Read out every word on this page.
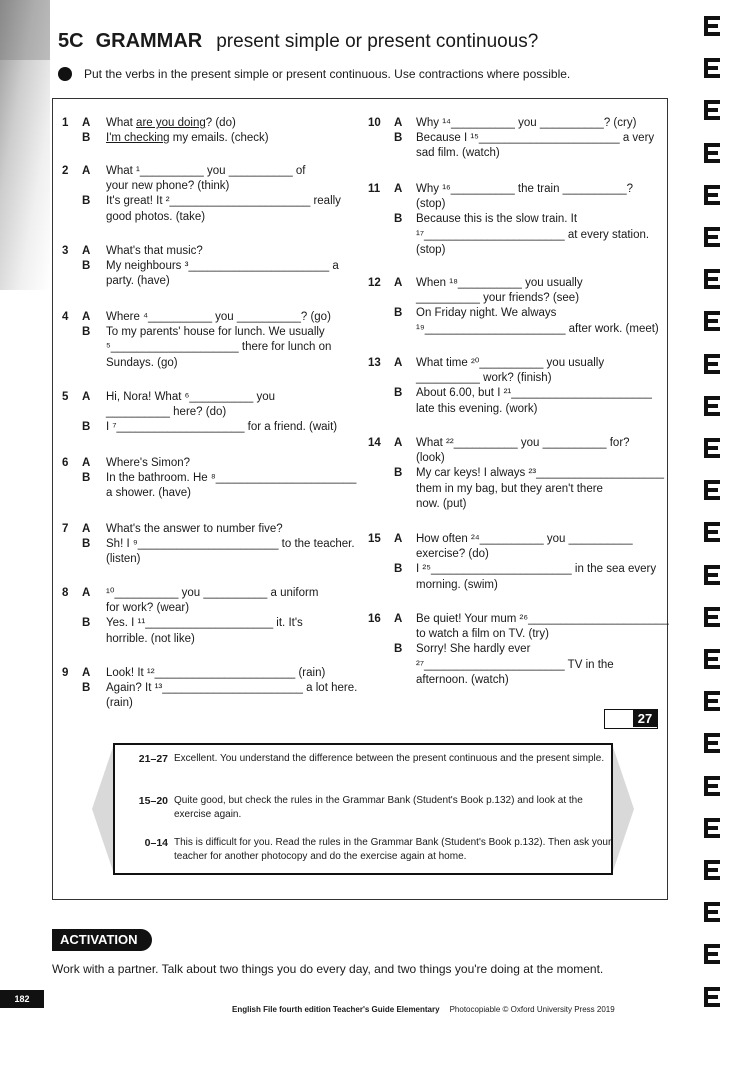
5C GRAMMAR present simple or present continuous?
Put the verbs in the present simple or present continuous. Use contractions where possible.
1 A What are you doing? (do)
B I'm checking my emails. (check)
2 A What ¹__________ you __________ of
your new phone? (think)
B It's great! It ²______________________ really
good photos. (take)
3 A What's that music?
B My neighbours ³______________________ a
party. (have)
4 A Where ⁴__________ you __________? (go)
B To my parents' house for lunch. We usually
⁵____________________ there for lunch on
Sundays. (go)
5 A Hi, Nora! What ⁶__________ you
__________ here? (do)
B I ⁷____________________ for a friend. (wait)
6 A Where's Simon?
B In the bathroom. He ⁸______________________
a shower. (have)
7 A What's the answer to number five?
B Sh! I ⁹______________________ to the teacher.
(listen)
8 A ¹⁰__________ you __________ a uniform
for work? (wear)
B Yes. I ¹¹____________________ it. It's
horrible. (not like)
9 A Look! It ¹²______________________ (rain)
B Again? It ¹³______________________ a lot here.
(rain)
10 A Why ¹⁴__________ you __________? (cry)
B Because I ¹⁵______________________ a very
sad film. (watch)
11 A Why ¹⁶__________ the train __________?
(stop)
B Because this is the slow train. It
¹⁷______________________ at every station.
(stop)
12 A When ¹⁸__________ you usually
__________ your friends? (see)
B On Friday night. We always
¹⁹______________________ after work. (meet)
13 A What time ²⁰__________ you usually
__________ work? (finish)
B About 6.00, but I ²¹______________________
late this evening. (work)
14 A What ²²__________ you __________ for?
(look)
B My car keys! I always ²³____________________
them in my bag, but they aren't there
now. (put)
15 A How often ²⁴__________ you __________
exercise? (do)
B I ²⁵______________________ in the sea every
morning. (swim)
16 A Be quiet! Your mum ²⁶______________________
to watch a film on TV. (try)
B Sorry! She hardly ever
²⁷______________________ TV in the
afternoon. (watch)
27
21–27 Excellent. You understand the difference between the present continuous and the present simple.
15–20 Quite good, but check the rules in the Grammar Bank (Student's Book p.132) and look at the exercise again.
0–14 This is difficult for you. Read the rules in the Grammar Bank (Student's Book p.132). Then ask your teacher for another photocopy and do the exercise again at home.
ACTIVATION
Work with a partner. Talk about two things you do every day, and two things you're doing at the moment.
182
English File fourth edition Teacher's Guide Elementary Photocopiable © Oxford University Press 2019
